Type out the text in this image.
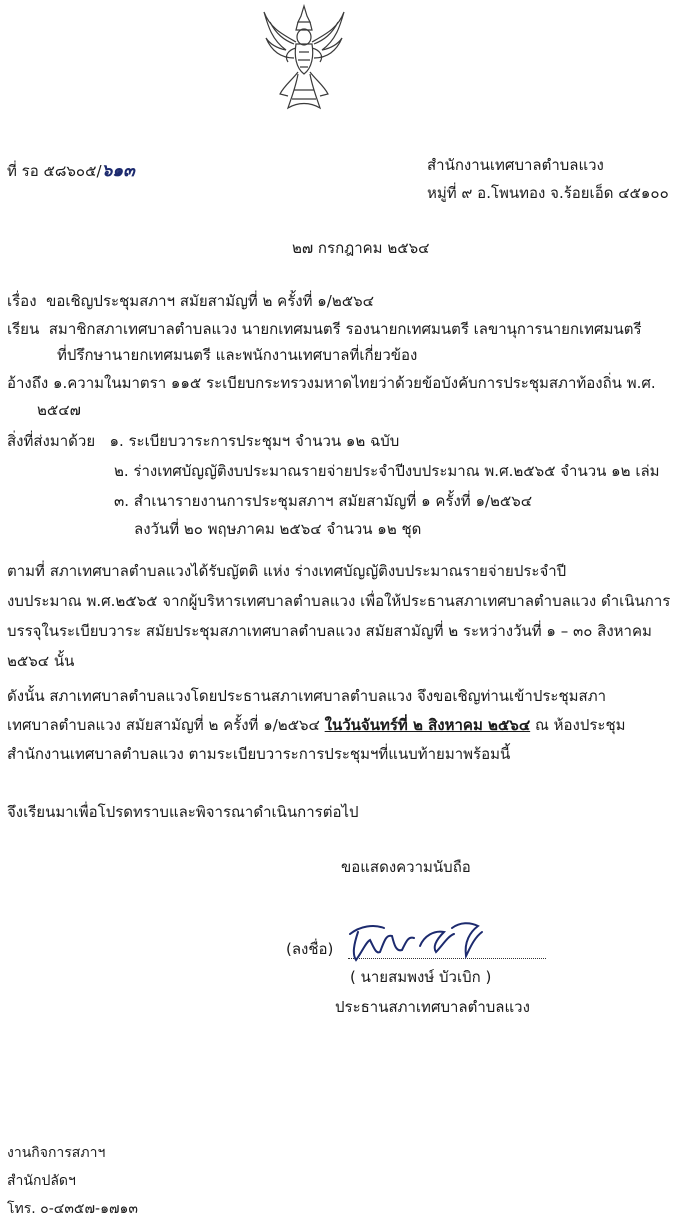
ที่ รอ ๕๘๖๐๕/๖๑๓	สำนักงานเทศบาลตำบลแวง
หมู่ที่ ๙ อ.โพนทอง จ.ร้อยเอ็ด ๔๕๑๐๐
๒๗ กรกฎาคม ๒๕๖๔
เรื่อง ขอเชิญประชุมสภาฯ สมัยสามัญที่ ๒ ครั้งที่ ๑/๒๕๖๔
เรียน สมาชิกสภาเทศบาลตำบลแวง นายกเทศมนตรี รองนายกเทศมนตรี เลขานุการนายกเทศมนตรี
ที่ปรึกษานายกเทศมนตรี และพนักงานเทศบาลที่เกี่ยวข้อง
อ้างถึง ๑.ความในมาตรา ๑๑๕ ระเบียบกระทรวงมหาดไทยว่าด้วยข้อบังคับการประชุมสภาท้องถิ่น พ.ศ.
๒๕๔๗
สิ่งที่ส่งมาด้วย ๑. ระเบียบวาระการประชุมฯ จำนวน ๑๒ ฉบับ
๒. ร่างเทศบัญญัติงบประมาณรายจ่ายประจำปีงบประมาณ พ.ศ.๒๕๖๕ จำนวน ๑๒ เล่ม
๓. สำเนารายงานการประชุมสภาฯ สมัยสามัญที่ ๑ ครั้งที่ ๑/๒๕๖๔
ลงวันที่ ๒๐ พฤษภาคม ๒๕๖๔ จำนวน ๑๒ ชุด
ตามที่ สภาเทศบาลตำบลแวงได้รับญัตติ แห่ง ร่างเทศบัญญัติงบประมาณรายจ่ายประจำปี
งบประมาณ พ.ศ.๒๕๖๕ จากผู้บริหารเทศบาลตำบลแวง เพื่อให้ประธานสภาเทศบาลตำบลแวง ดำเนินการ
บรรจุในระเบียบวาระ สมัยประชุมสภาเทศบาลตำบลแวง สมัยสามัญที่ ๒ ระหว่างวันที่ ๑ – ๓๐ สิงหาคม
๒๕๖๔ นั้น
ดังนั้น สภาเทศบาลตำบลแวงโดยประธานสภาเทศบาลตำบลแวง จึงขอเชิญท่านเข้าประชุมสภา
เทศบาลตำบลแวง สมัยสามัญที่ ๒ ครั้งที่ ๑/๒๕๖๔ ในวันจันทร์ที่ ๒ สิงหาคม ๒๕๖๔ ณ ห้องประชุม
สำนักงานเทศบาลตำบลแวง ตามระเบียบวาระการประชุมฯที่แนบท้ายมาพร้อมนี้
จึงเรียนมาเพื่อโปรดทราบและพิจารณาดำเนินการต่อไป
ขอแสดงความนับถือ
(ลงชื่อ)
( นายสมพงษ์ บัวเบิก )
ประธานสภาเทศบาลตำบลแวง
งานกิจการสภาฯ
สำนักปลัดฯ
โทร. ๐-๔๓๕๗-๑๗๑๓
